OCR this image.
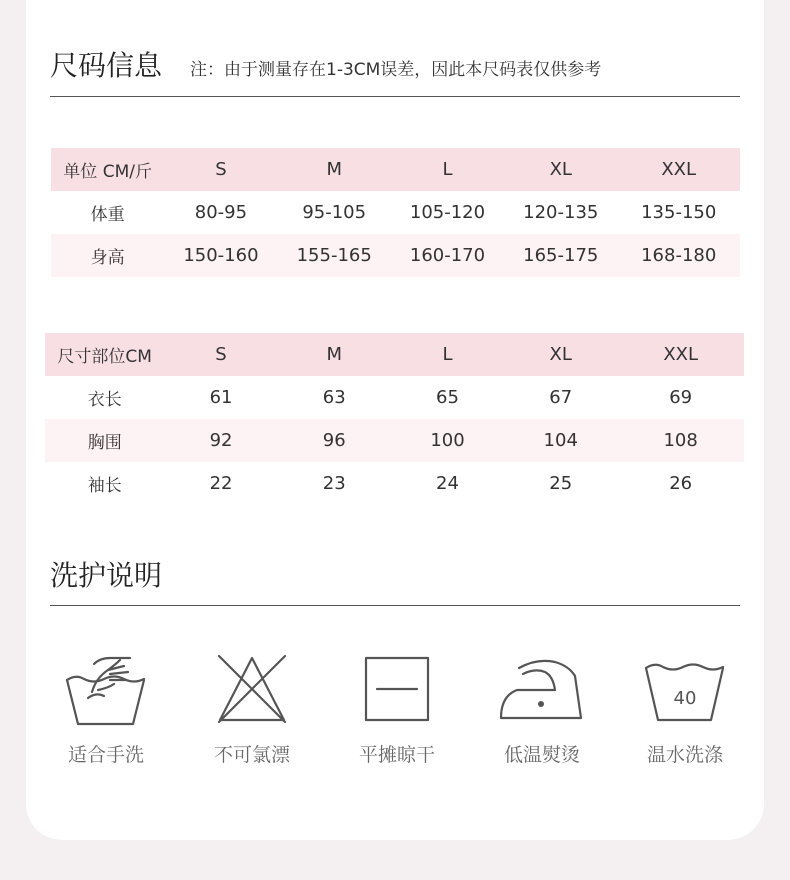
尺码信息 注：由于测量存在1-3CM误差，因此本尺码表仅供参考
单位 CM/斤	S	M	L	XL	XXL
体重	80-95	95-105	105-120	120-135	135-150
身高	150-160	155-165	160-170	165-175	168-180
尺寸部位CM	S	M	L	XL	XXL
衣长	61	63	65	67	69
胸围	92	96	100	104	108
袖长	22	23	24	25	26
洗护说明
适合手洗	不可氯漂	平摊晾干	低温熨烫
40
温水洗涤
